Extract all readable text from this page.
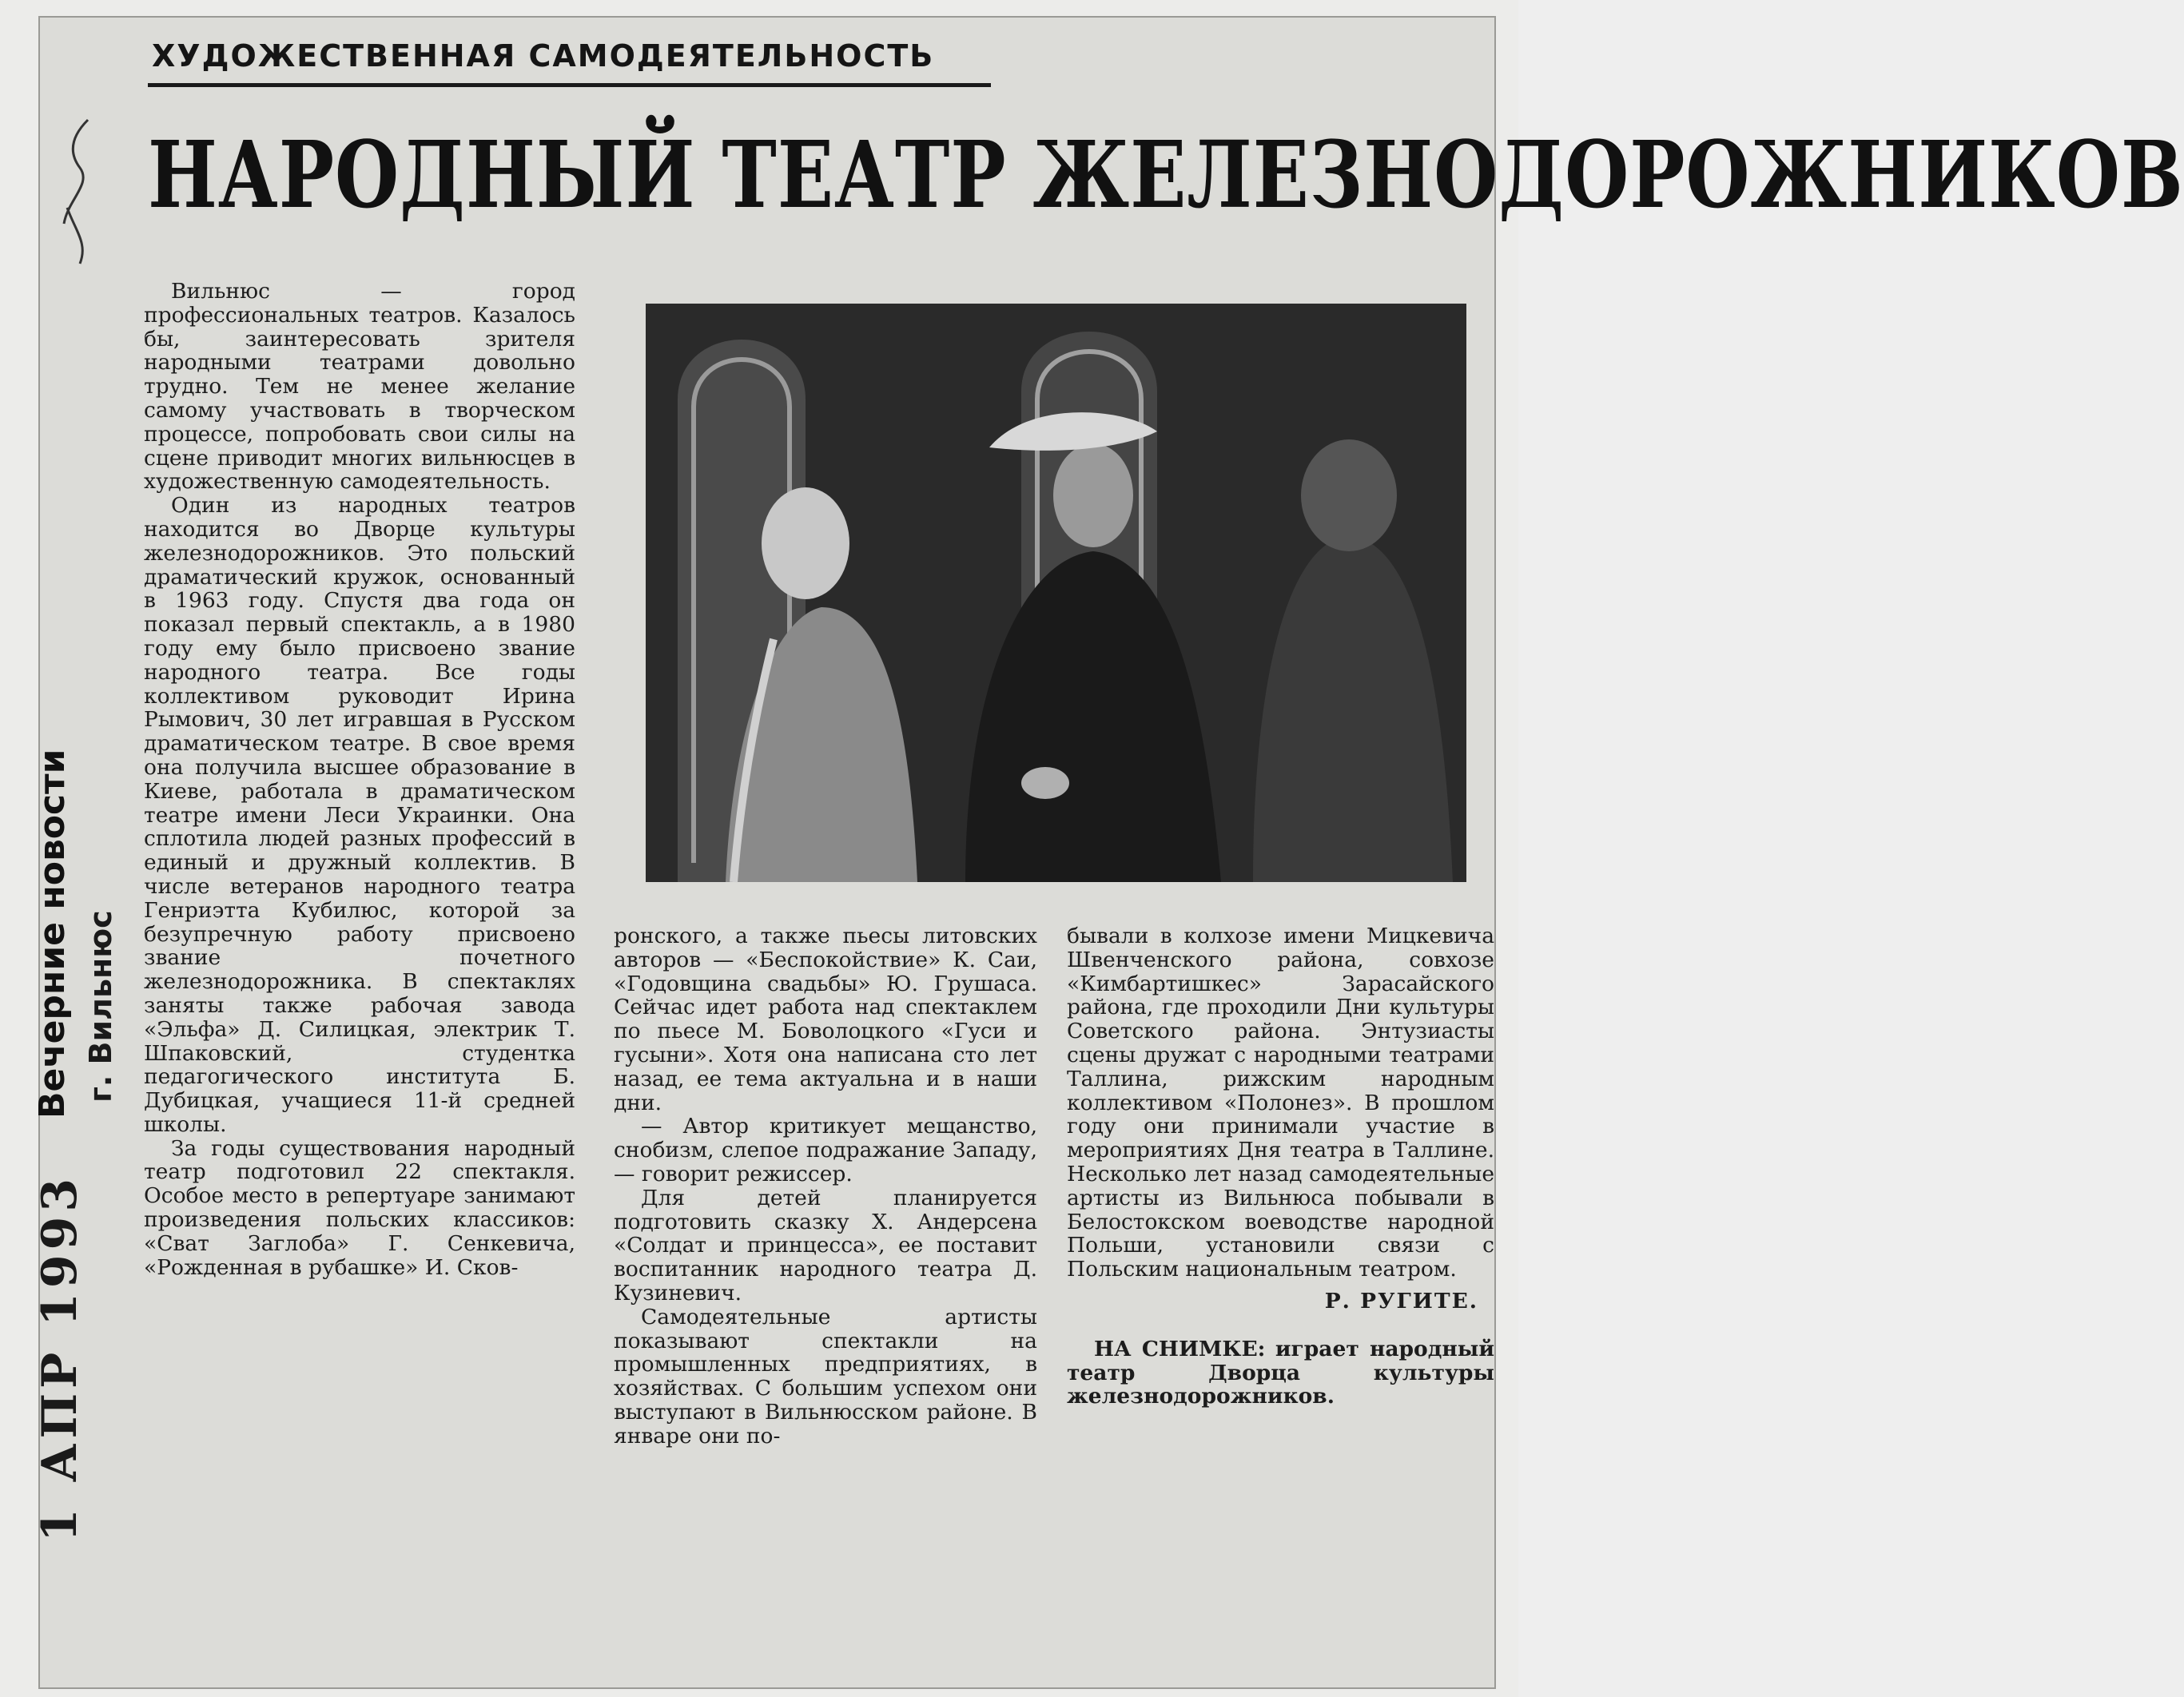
Вечерние новости г. Вильнюс
1 АПР 1993
ХУДОЖЕСТВЕННАЯ САМОДЕЯТЕЛЬНОСТЬ
НАРОДНЫЙ ТЕАТР ЖЕЛЕЗНОДОРОЖНИКОВ

Вильнюс — город профессиональных театров. Казалось бы, заинтересовать зрителя народными театрами довольно трудно. Тем не менее желание самому участвовать в творческом процессе, попробовать свои силы на сцене приводит многих вильнюсцев в художественную самодеятельность.

Один из народных театров находится во Дворце культуры железнодорожников. Это польский драматический кружок, основанный в 1963 году. Спустя два года он показал первый спектакль, а в 1980 году ему было присвоено звание народного театра. Все годы коллективом руководит Ирина Рымович, 30 лет игравшая в Русском драматическом театре. В свое время она получила высшее образование в Киеве, работала в драматическом театре имени Леси Украинки. Она сплотила людей разных профессий в единый и дружный коллектив. В числе ветеранов народного театра Генриэтта Кубилюс, которой за безупречную работу присвоено звание почетного железнодорожника. В спектаклях заняты также рабочая завода «Эльфа» Д. Силицкая, электрик Т. Шпаковский, студентка педагогического института Б. Дубицкая, учащиеся 11-й средней школы.

За годы существования народный театр подготовил 22 спектакля. Особое место в репертуаре занимают произведения польских классиков: «Сват Заглоба» Г. Сенкевича, «Рожденная в рубашке» И. Сков-

ронского, а также пьесы литовских авторов — «Беспокойствие» К. Саи, «Годовщина свадьбы» Ю. Грушаса. Сейчас идет работа над спектаклем по пьесе М. Боволоцкого «Гуси и гусыни». Хотя она написана сто лет назад, ее тема актуальна и в наши дни.

— Автор критикует мещанство, снобизм, слепое подражание Западу, — говорит режиссер.

Для детей планируется подготовить сказку Х. Андерсена «Солдат и принцесса», ее поставит воспитанник народного театра Д. Кузиневич.

Самодеятельные артисты показывают спектакли на промышленных предприятиях, в хозяйствах. С большим успехом они выступают в Вильнюсском районе. В январе они по-

бывали в колхозе имени Мицкевича Швенченского района, совхозе «Кимбартишкес» Зарасайского района, где проходили Дни культуры Советского района. Энтузиасты сцены дружат с народными театрами Таллина, рижским народным коллективом «Полонез». В прошлом году они принимали участие в мероприятиях Дня театра в Таллине. Несколько лет назад самодеятельные артисты из Вильнюса побывали в Белостокском воеводстве народной Польши, установили связи с Польским национальным театром.

Р. РУГИТЕ.

НА СНИМКЕ: играет народный театр Дворца культуры железнодорожников.
